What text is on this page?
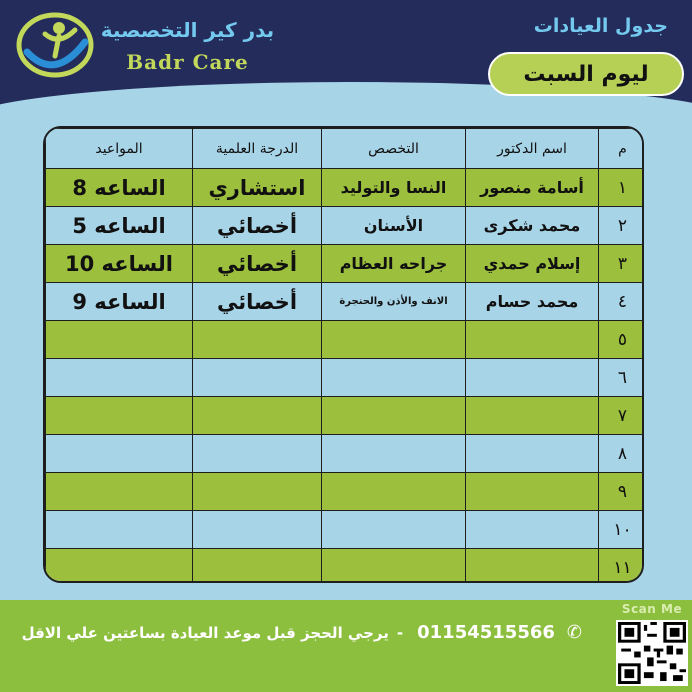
بدر كير التخصصية
Badr Care
جدول العيادات
ليوم السبت
م	اسم الدكتور	التخصص	الدرجة العلمية	المواعيد
١	أسامة منصور	النسا والتوليد	استشاري	الساعه 8
٢	محمد شكرى	الأسنان	أخصائي	الساعه 5
٣	إسلام حمدي	جراحه العظام	أخصائي	الساعه 10
٤	محمد حسام	الانف والأذن والحنجرة	أخصائي	الساعه 9
٥				
٦				
٧				
٨				
٩				
١٠				
١١				
✆
01154515566
-
يرجي الحجز قبل موعد العيادة بساعتين علي الاقل
Scan Me
